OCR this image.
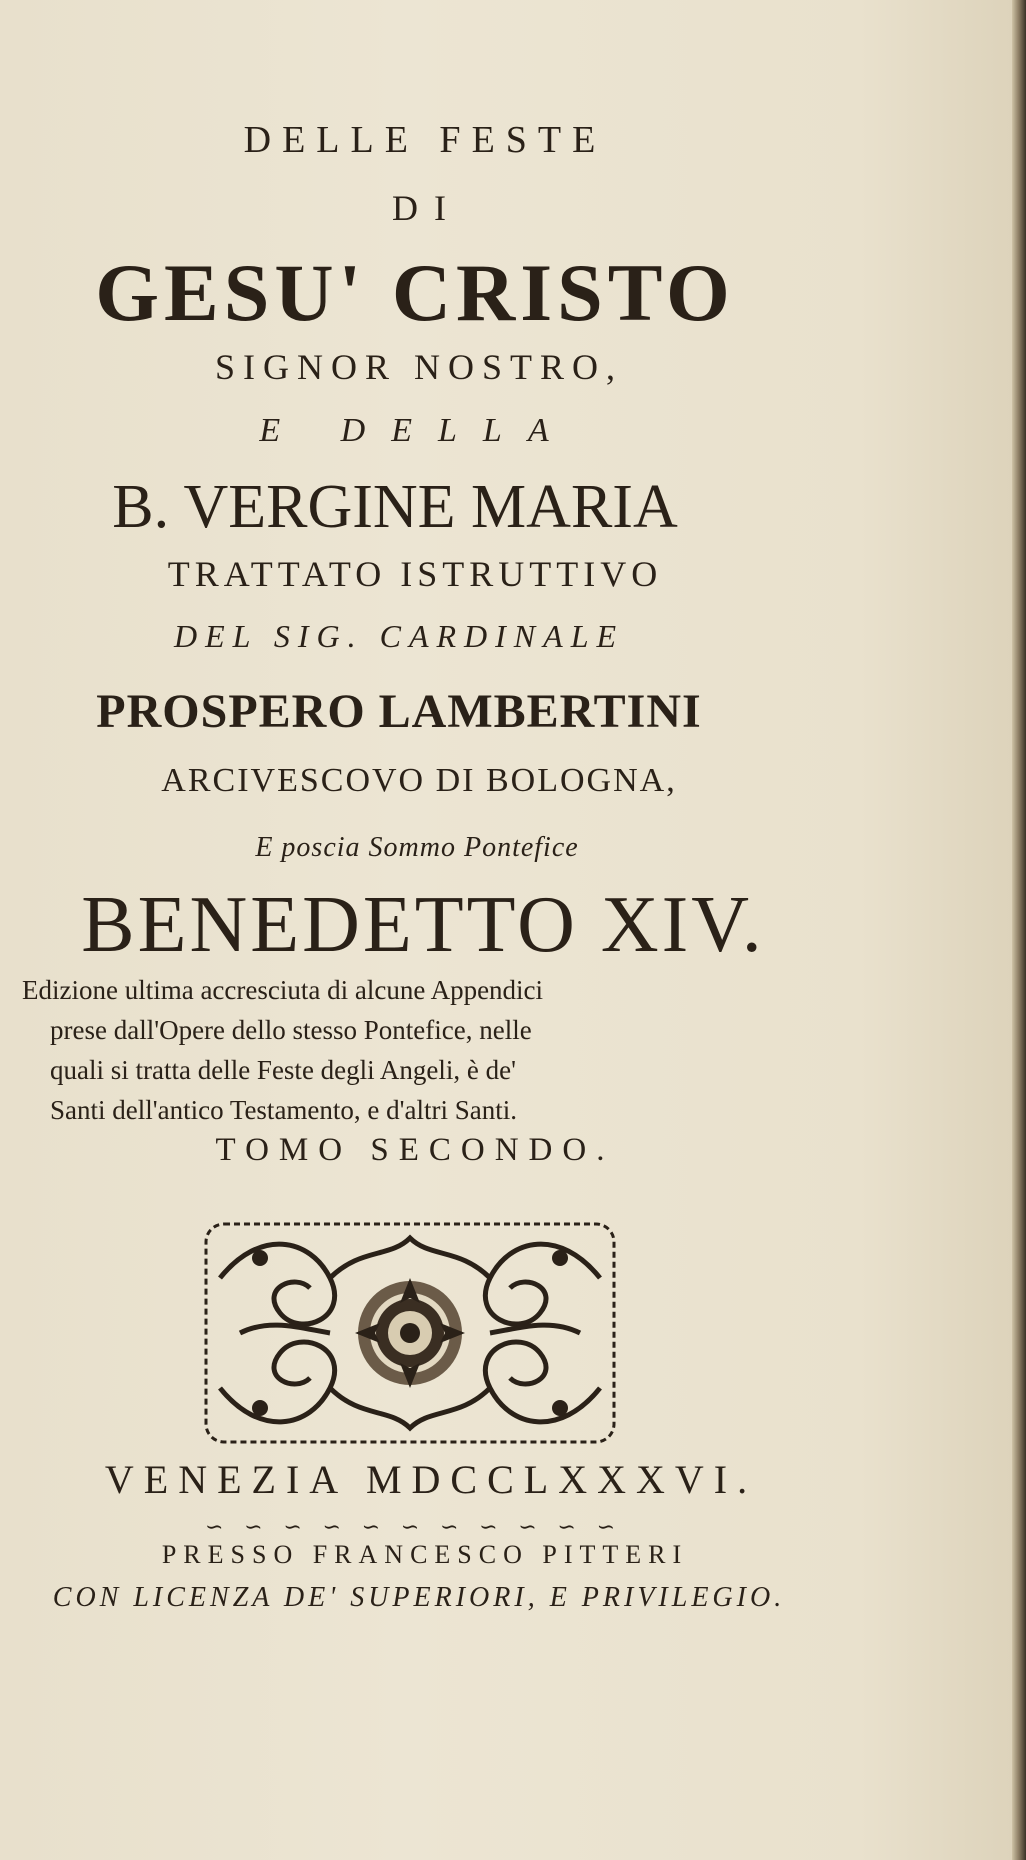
DELLE FESTE
DI
GESU' CRISTO
SIGNOR NOSTRO,
E DELLA
B. VERGINE MARIA
TRATTATO ISTRUTTIVO
DEL SIG. CARDINALE
PROSPERO LAMBERTINI
ARCIVESCOVO DI BOLOGNA,
E poscia Sommo Pontefice
BENEDETTO XIV.
Edizione ultima accresciuta di alcune Appendici
prese dall'Opere dello stesso Pontefice, nelle
quali si tratta delle Feste degli Angeli, è de'
Santi dell'antico Testamento, e d'altri Santi.
TOMO SECONDO.
VENEZIA MDCCLXXXVI.
∽ ∽ ∽ ∽ ∽ ∽ ∽ ∽ ∽ ∽ ∽
PRESSO FRANCESCO PITTERI
CON LICENZA DE' SUPERIORI, E PRIVILEGIO.
